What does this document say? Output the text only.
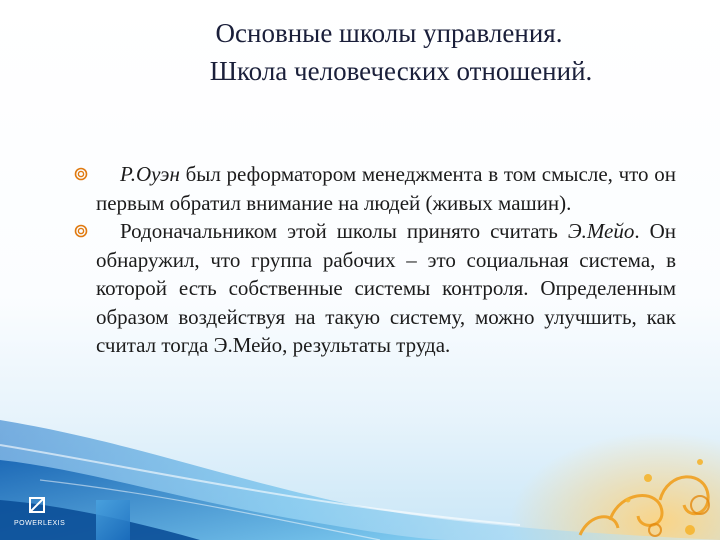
POWERLEXIS
Основные школы управления.
Школа человеческих отношений.
Р.Оуэн был реформатором менеджмента в том смысле, что он первым обратил внимание на людей (живых машин).
Родоначальником этой школы принято считать Э.Мейо. Он обнаружил, что группа рабочих – это социальная система, в которой есть собственные системы контроля. Определенным образом воздействуя на такую систему, можно улучшить, как считал тогда Э.Мейо, результаты труда.
